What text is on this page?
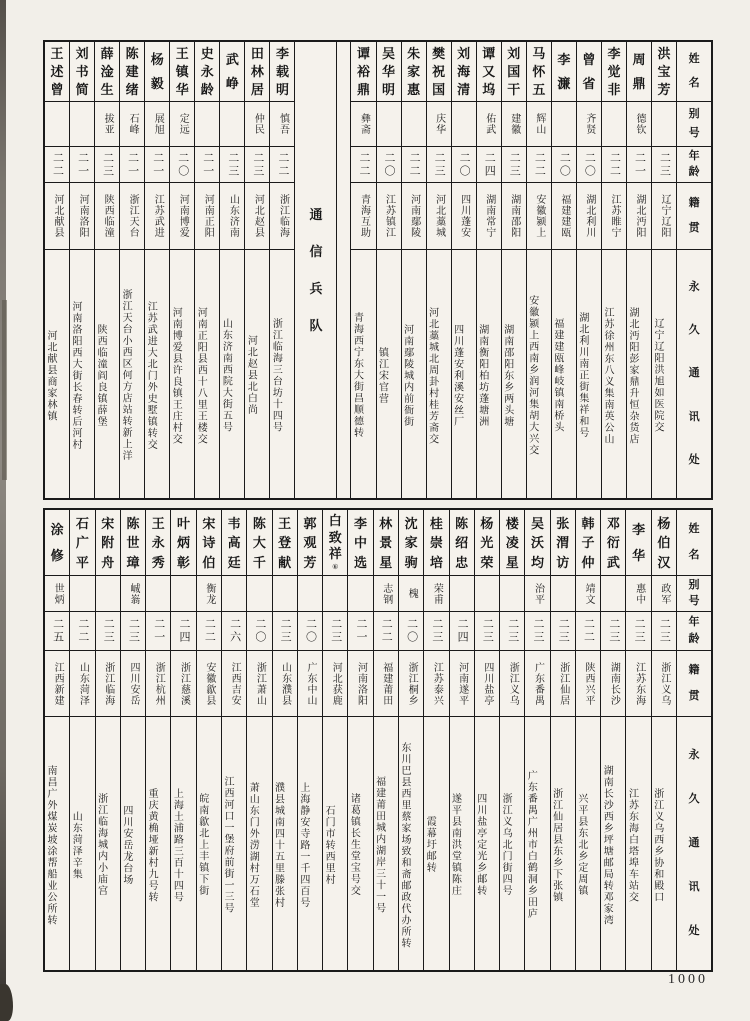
王
述
曾
二二
河北献县
河北献县商家林镇
刘
书
简
二一
河南洛阳
河南洛阳西大街长春转后河村
薛
淦
生
拔亚
二三
陕西临潼
陕西临潼阎良镇薛堡
陈
建
绪
石峰
二一
浙江天台
浙江天台小西区何方店站转新上洋
杨
毅
展旭
二一
江苏武进
江苏武进大北门外史墅镇转交
王
镇
华
定远
二〇
河南博爱
河南博爱县许良镇王庄村交
史
永
龄
二一
河南正阳
河南正阳县西十八里王楼交
武
峥
二三
山东济南
山东济南西院大街五号
田
林
居
仲民
二三
河北赵县
河北赵县北白尚
李
载
明
慎吾
二二
浙江临海
浙江临海三台坊十四号
通
信
兵
队
谭
裕
鼎
彝斋
二二
青海互助
青海西宁东大街昌顺德转
吴
华
明
二〇
江苏镇江
镇江宋官营
朱
家
惠
二二
河南鄢陵
河南鄢陵城内前衙街
樊
祝
国
庆华
二三
河北藁城
河北藁城北周卦村桂芳斋交
刘
海
清
二〇
四川蓬安
四川蓬安利溪安丝厂
谭
又
坞
佑武
二四
湖南常宁
湖南衡阳柏坊蓬塘洲
刘
国
干
建徽
二三
湖南邵阳
湖南邵阳东乡两头塘
马
怀
五
辉山
二二
安徽颍上
安徽颍上西南乡润河集胡大兴交
李
濂
二〇
福建建瓯
福建建瓯峰岐镇南桥头
曾
省
齐贤
二〇
湖北利川
湖北利川南正街集祥和号
李
觉
非
二二
江苏睢宁
江苏徐州东八义集南英公山
周
鼎
德钦
二一
湖北沔阳
湖北沔阳彭家鼎升恒杂货店
洪
宝
芳
二三
辽宁辽阳
辽宁辽阳洪旭如医院交
姓
名
别
号
年
龄
籍
贯
永
久
通
讯
处
涂
修
世炳
二五
江西新建
南昌广外煤炭坡涂帮船业公所转
石
广
平
二二
山东菏泽
山东菏泽辛集
宋
附
舟
二三
浙江临海
浙江临海城内小庙宫
陈
世
璋
峸嵡
二三
四川安岳
四川安岳龙台场
王
永
秀
二一
浙江杭州
重庆黄桷垭新村九号转
叶
炳
彰
二四
浙江慈溪
上海土浦路三百十四号
宋
诗
伯
衡龙
二二
安徽歙县
皖南歙北上丰镇下街
韦
高
廷
二六
江西吉安
江西河口一堡府前街一三号
陈
大
千
二〇
浙江萧山
萧山东门外涝湖村万石堂
王
登
献
二三
山东濮县
濮县城南四十五里滕张村
郭
观
芳
二〇
广东中山
上海静安寺路一千四百号
白
致
祥
⑥
二三
河北获鹿
石门市转西里村
李
中
选
二一
河南洛阳
诸葛镇长生堂宝号交
林
景
星
志钢
二二
福建莆田
福建莆田城内湖岸三十一号
沈
家
驹
槐
二〇
浙江桐乡
东川巴县西里蔡家场致和斋邮政代办所转
桂
崇
培
荣甫
二三
江苏泰兴
霞幕圩邮转
陈
绍
忠
二四
河南遂平
遂平县南洪堂镇陈庄
杨
光
荣
二三
四川盐亭
四川盐亭定光乡邮转
楼
凌
星
二三
浙江义乌
浙江义乌北门街四号
吴
沃
均
治平
二三
广东番禺
广东番禺广州市白鹤洞乡田庐
张
渭
访
二三
浙江仙居
浙江仙居县东乡下张镇
韩
子
仲
靖文
二二
陕西兴平
兴平县东北乡定周镇
邓
衍
武
二三
湖南长沙
湖南长沙西乡坪塘邮局转邓家湾
李
华
惠中
二三
江苏东海
江苏东海白塔埠车站交
杨
伯
汉
政军
二三
浙江义乌
浙江义乌西乡协和殿口
姓
名
别
号
年
龄
籍
贯
永
久
通
讯
处
1000
